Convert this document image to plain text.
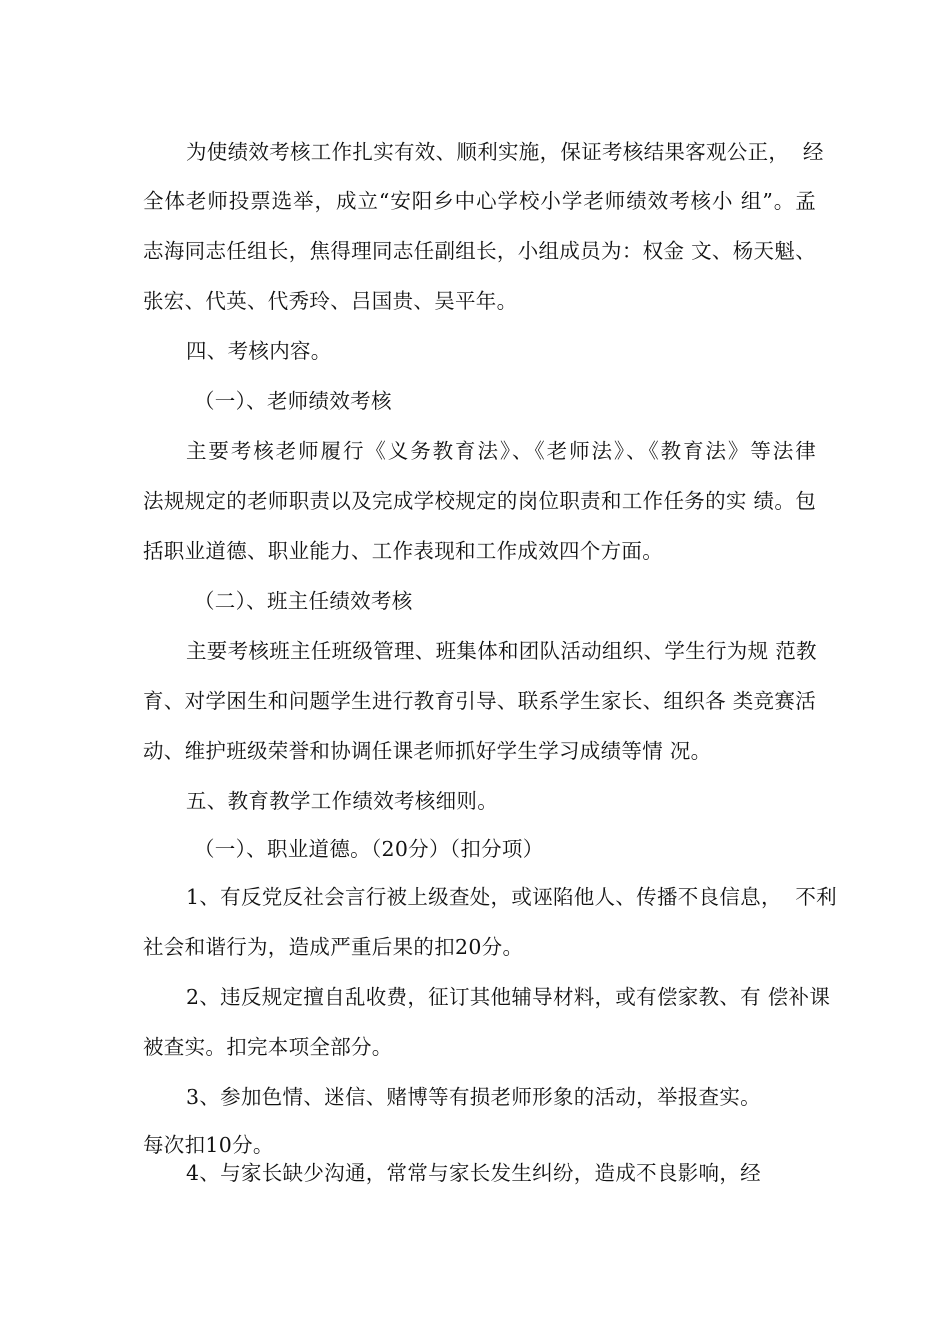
为使绩效考核工作扎实有效、顺利实施，保证考核结果客观公正，  经
全体老师投票选举，成立“安阳乡中心学校小学老师绩效考核小 组”。孟
志海同志任组长，焦得理同志任副组长，小组成员为：权金 文、杨天魁、
张宏、代英、代秀玲、吕国贵、吴平年。
四、考核内容。
（一）、老师绩效考核
主要考核老师履行《义务教育法》、《老师法》、《教育法》等法律
法规规定的老师职责以及完成学校规定的岗位职责和工作任务的实 绩。包
括职业道德、职业能力、工作表现和工作成效四个方面。
（二）、班主任绩效考核
主要考核班主任班级管理、班集体和团队活动组织、学生行为规 范教
育、对学困生和问题学生进行教育引导、联系学生家长、组织各 类竞赛活
动、维护班级荣誉和协调任课老师抓好学生学习成绩等情 况。
五、教育教学工作绩效考核细则。
（一）、职业道德。（20分）（扣分项）
1、有反党反社会言行被上级查处，或诬陷他人、传播不良信息，  不利
社会和谐行为，造成严重后果的扣20分。
2、违反规定擅自乱收费，征订其他辅导材料，或有偿家教、有 偿补课
被查实。扣完本项全部分。
3、参加色情、迷信、赌博等有损老师形象的活动，举报查实。
每次扣10分。
4、与家长缺少沟通，常常与家长发生纠纷，造成不良影响，经
